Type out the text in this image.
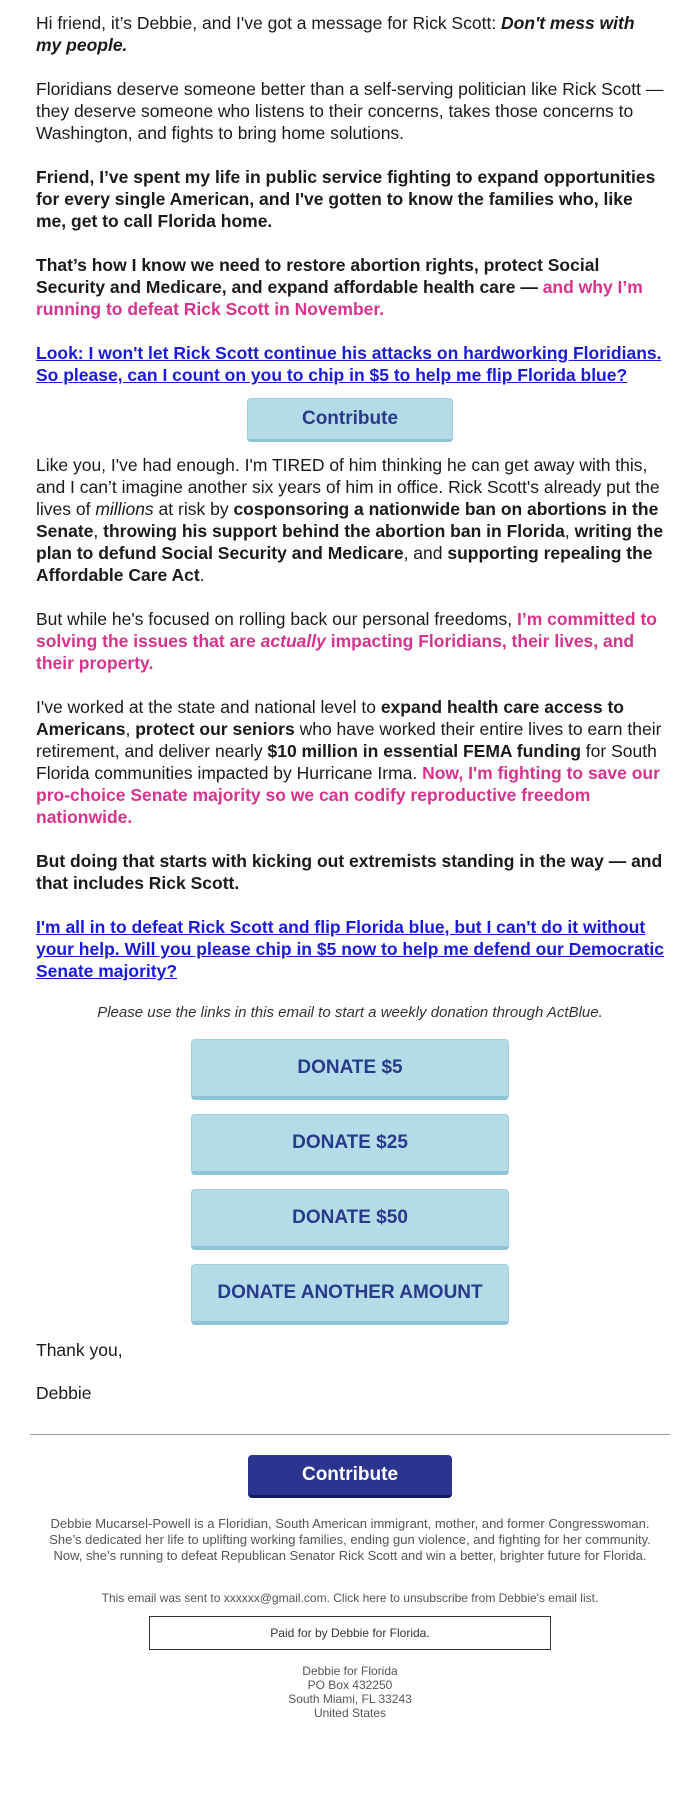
Hi friend, it’s Debbie, and I've got a message for Rick Scott: Don't mess with my people.

Floridians deserve someone better than a self-serving politician like Rick Scott — they deserve someone who listens to their concerns, takes those concerns to Washington, and fights to bring home solutions.

Friend, I’ve spent my life in public service fighting to expand opportunities for every single American, and I've gotten to know the families who, like me, get to call Florida home.

That’s how I know we need to restore abortion rights, protect Social Security and Medicare, and expand affordable health care — and why I’m running to defeat Rick Scott in November.

Look: I won't let Rick Scott continue his attacks on hardworking Floridians. So please, can I count on you to chip in $5 to help me flip Florida blue?

Contribute

Like you, I've had enough. I'm TIRED of him thinking he can get away with this, and I can’t imagine another six years of him in office. Rick Scott's already put the lives of millions at risk by cosponsoring a nationwide ban on abortions in the Senate, throwing his support behind the abortion ban in Florida, writing the plan to defund Social Security and Medicare, and supporting repealing the Affordable Care Act.

But while he's focused on rolling back our personal freedoms, I’m committed to solving the issues that are actually impacting Floridians, their lives, and their property.

I've worked at the state and national level to expand health care access to Americans, protect our seniors who have worked their entire lives to earn their retirement, and deliver nearly $10 million in essential FEMA funding for South Florida communities impacted by Hurricane Irma. Now, I'm fighting to save our pro-choice Senate majority so we can codify reproductive freedom nationwide.

But doing that starts with kicking out extremists standing in the way — and that includes Rick Scott.

I'm all in to defeat Rick Scott and flip Florida blue, but I can't do it without your help. Will you please chip in $5 now to help me defend our Democratic Senate majority?

Please use the links in this email to start a weekly donation through ActBlue.
DONATE $5
DONATE $25
DONATE $50
DONATE ANOTHER AMOUNT
Thank you,
Debbie
Contribute
Debbie Mucarsel-Powell is a Floridian, South American immigrant, mother, and former Congresswoman. She’s dedicated her life to uplifting working families, ending gun violence, and fighting for her community. Now, she’s running to defeat Republican Senator Rick Scott and win a better, brighter future for Florida.
This email was sent to xxxxxx@gmail.com. Click here to unsubscribe from Debbie's email list.
Paid for by Debbie for Florida.
Debbie for Florida
PO Box 432250
South Miami, FL 33243
United States
